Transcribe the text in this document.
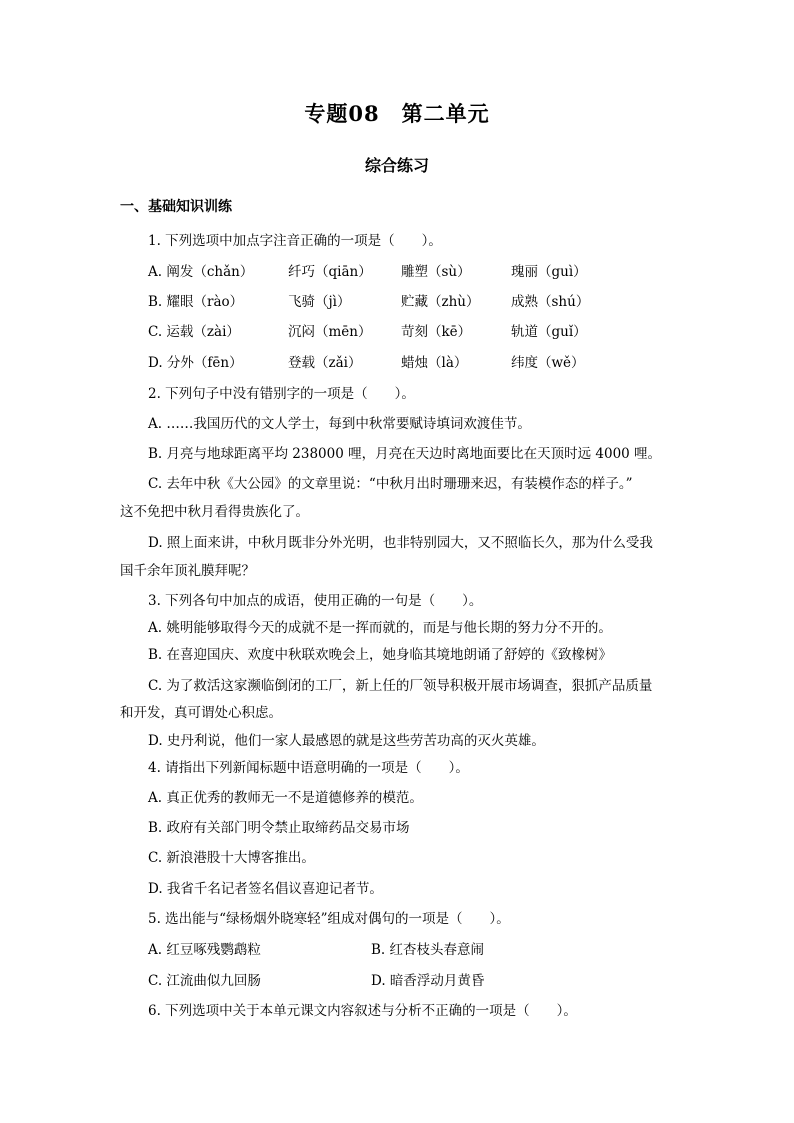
专题08　第二单元
综合练习
一、基础知识训练
1. 下列选项中加点字注音正确的一项是（　　）。
A. 阐发（chǎn）	纤巧（qiān） 雕塑（sù）	瑰丽（guì）
B. 耀眼（rào）	飞骑（jì）	贮藏（zhù） 成熟（shú）
C. 运载（zài）	沉闷（mēn） 苛刻（kē）	轨道（guǐ）
D. 分外（fēn）	登载（zǎi）	蜡烛（là）	纬度（wě）
2. 下列句子中没有错别字的一项是（　　）。
A. ……我国历代的文人学士，每到中秋常要赋诗填词欢渡佳节。
B. 月亮与地球距离平均 238000 哩，月亮在天边时离地面要比在天顶时远 4000 哩。
C. 去年中秋《大公园》的文章里说：“中秋月出时珊珊来迟，有装模作态的样子。”
这不免把中秋月看得贵族化了。
D. 照上面来讲，中秋月既非分外光明，也非特别园大，又不照临长久，那为什么受我
国千余年顶礼膜拜呢？
3. 下列各句中加点的成语，使用正确的一句是（　　）。
A. 姚明能够取得今天的成就不是一挥而就的，而是与他长期的努力分不开的。
B. 在喜迎国庆、欢度中秋联欢晚会上，她身临其境地朗诵了舒婷的《致橡树》
C. 为了救活这家濒临倒闭的工厂，新上任的厂领导积极开展市场调查，狠抓产品质量
和开发，真可谓处心积虑。
D. 史丹利说，他们一家人最感恩的就是这些劳苦功高的灭火英雄。
4. 请指出下列新闻标题中语意明确的一项是（　　）。
A. 真正优秀的教师无一不是道德修养的模范。
B. 政府有关部门明令禁止取缔药品交易市场
C. 新浪港股十大博客推出。
D. 我省千名记者签名倡议喜迎记者节。
5. 选出能与“绿杨烟外晓寒轻”组成对偶句的一项是（　　）。
A. 红豆啄残鹦鹉粒	B. 红杏枝头春意闹
C. 江流曲似九回肠	D. 暗香浮动月黄昏
6. 下列选项中关于本单元课文内容叙述与分析不正确的一项是（　　）。
